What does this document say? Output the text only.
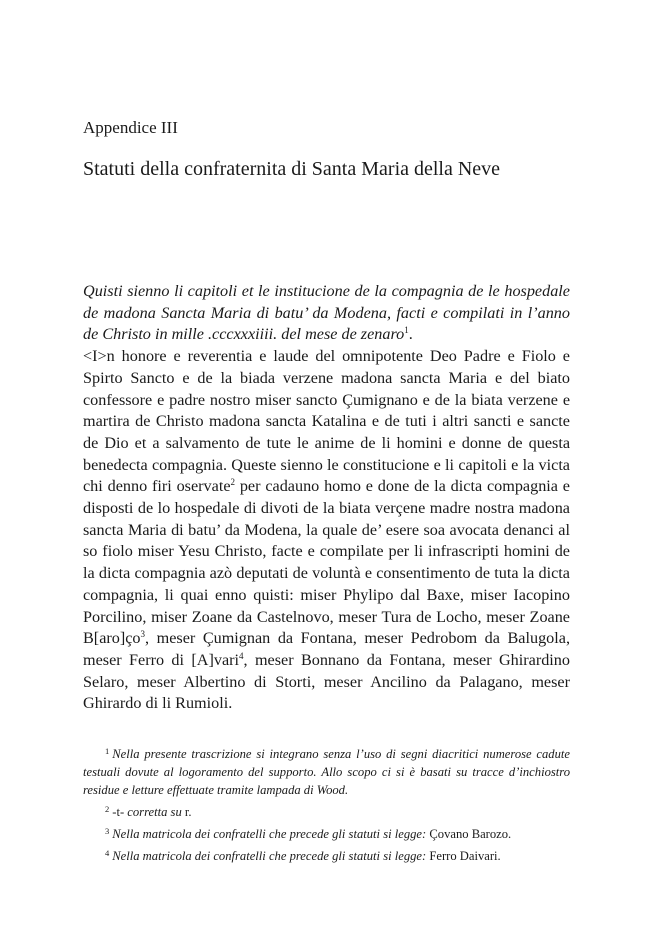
Appendice III
Statuti della confraternita di Santa Maria della Neve

Quisti sienno li capitoli et le institucione de la compagnia de le hospedale de madona Sancta Maria di batu’ da Modena, facti e compilati in l’anno de Christo in mille .cccxxxiiii. del mese de zenaro$^1$.

<I>n honore e reverentia e laude del omnipotente Deo Padre e Fiolo e Spirto Sancto e de la biada verzene madona sancta Maria e del biato confessore e padre nostro miser sancto Çumignano e de la biata verzene e martira de Christo madona sancta Katalina e de tuti i altri sancti e sancte de Dio et a salvamento de tute le anime de li homini e donne de questa benedecta compagnia. Queste sienno le constitucione e li capitoli e la victa chi denno firi oservate$^2$ per cadauno homo e done de la dicta compagnia e disposti de lo hospedale di divoti de la biata verçene madre nostra madona sancta Maria di batu’ da Modena, la quale de’ esere soa avocata denanci al so fiolo miser Yesu Christo, facte e compilate per li infrascripti homini de la dicta compagnia azò deputati de voluntà e consentimento de tuta la dicta compagnia, li quai enno quisti: miser Phylipo dal Baxe, miser Iacopino Porcilino, miser Zoane da Castelnovo, meser Tura de Locho, meser Zoane $B[aro]ço^3$, meser Çumignan da Fontana, meser Pedrobom da Balugola, meser Ferro di [A]vari$^4$, meser Bonnano da Fontana, meser Ghirardino Selaro, meser Albertino di Storti, meser Ancilino da Palagano, meser Ghirardo di li Rumioli.

$^1$ Nella presente trascrizione si integrano senza l’uso di segni diacritici numerose cadute testuali dovute al logoramento del supporto. Allo scopo ci si è basati su tracce d’inchiostro residue e letture effettuate tramite lampada di Wood.

$^2$ -t- corretta su r.

$^3$ Nella matricola dei confratelli che precede gli statuti si legge: Çovano Barozo.

$^4$ Nella matricola dei confratelli che precede gli statuti si legge: Ferro Daivari.
